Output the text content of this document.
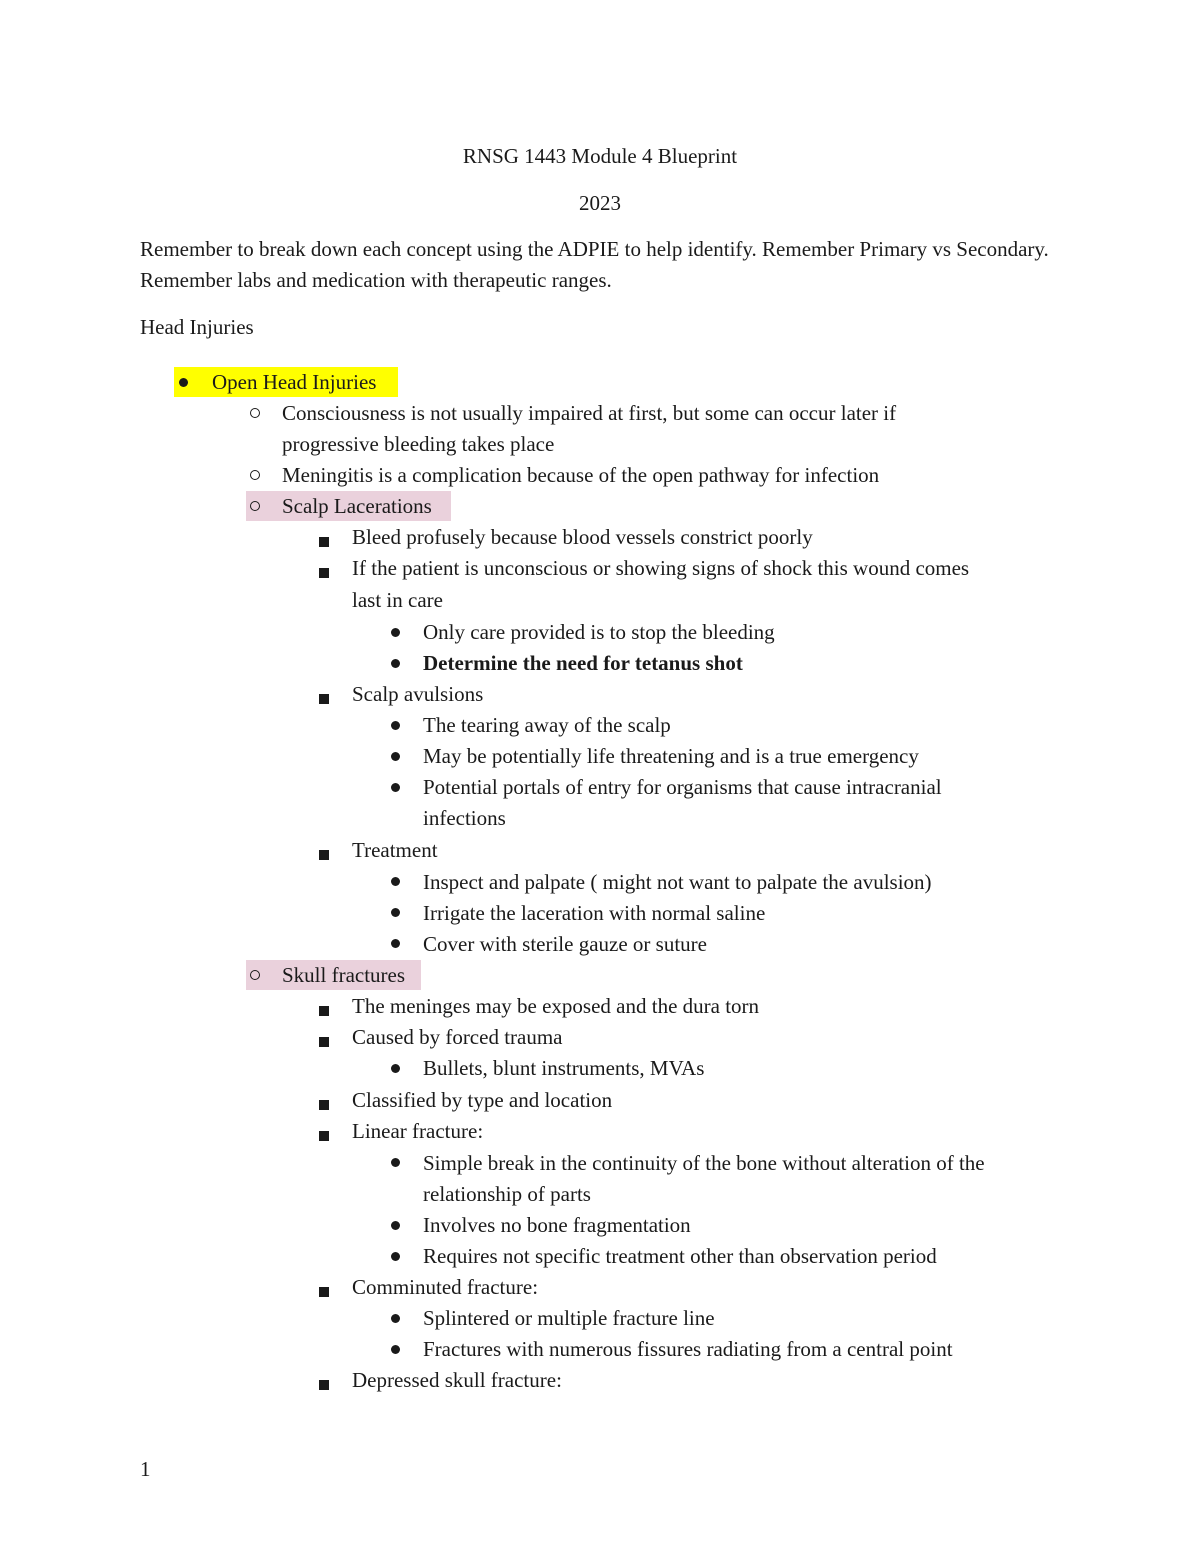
RNSG 1443 Module 4 Blueprint
2023
Remember to break down each concept using the ADPIE to help identify. Remember Primary vs Secondary. Remember labs and medication with therapeutic ranges.
Head Injuries
Open Head Injuries
Consciousness is not usually impaired at first, but some can occur later if
progressive bleeding takes place
Meningitis is a complication because of the open pathway for infection
Scalp Lacerations
Bleed profusely because blood vessels constrict poorly
If the patient is unconscious or showing signs of shock this wound comes
last in care
Only care provided is to stop the bleeding
Determine the need for tetanus shot
Scalp avulsions
The tearing away of the scalp
May be potentially life threatening and is a true emergency
Potential portals of entry for organisms that cause intracranial
infections
Treatment
Inspect and palpate ( might not want to palpate the avulsion)
Irrigate the laceration with normal saline
Cover with sterile gauze or suture
Skull fractures
The meninges may be exposed and the dura torn
Caused by forced trauma
Bullets, blunt instruments, MVAs
Classified by type and location
Linear fracture:
Simple break in the continuity of the bone without alteration of the
relationship of parts
Involves no bone fragmentation
Requires not specific treatment other than observation period
Comminuted fracture:
Splintered or multiple fracture line
Fractures with numerous fissures radiating from a central point
Depressed skull fracture:
1
